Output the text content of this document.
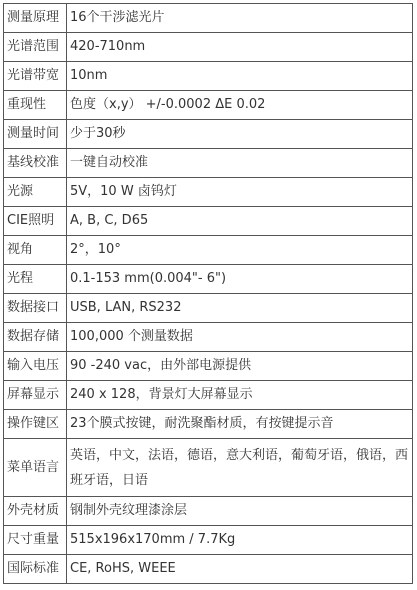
测量原理	16个干涉滤光片
光谱范围	420-710nm
光谱带宽	10nm
重现性	色度（x,y） +/-0.0002 ΔE 0.02
测量时间	少于30秒
基线校准	一键自动校准
光源	5V，10 W 卤钨灯
CIE照明	A, B, C, D65
视角	2°，10°
光程	0.1-153 mm(0.004"- 6")
数据接口	USB, LAN, RS232
数据存储	100,000 个测量数据
输入电压	90 -240 vac，由外部电源提供
屏幕显示	240 x 128，背景灯大屏幕显示
操作键区	23个膜式按键，耐洗聚酯材质，有按键提示音
菜单语言	英语，中文，法语，德语，意大利语，葡萄牙语，俄语，西班牙语，日语
外壳材质	钢制外壳纹理漆涂层
尺寸重量	515x196x170mm / 7.7Kg
国际标准	CE, RoHS, WEEE
